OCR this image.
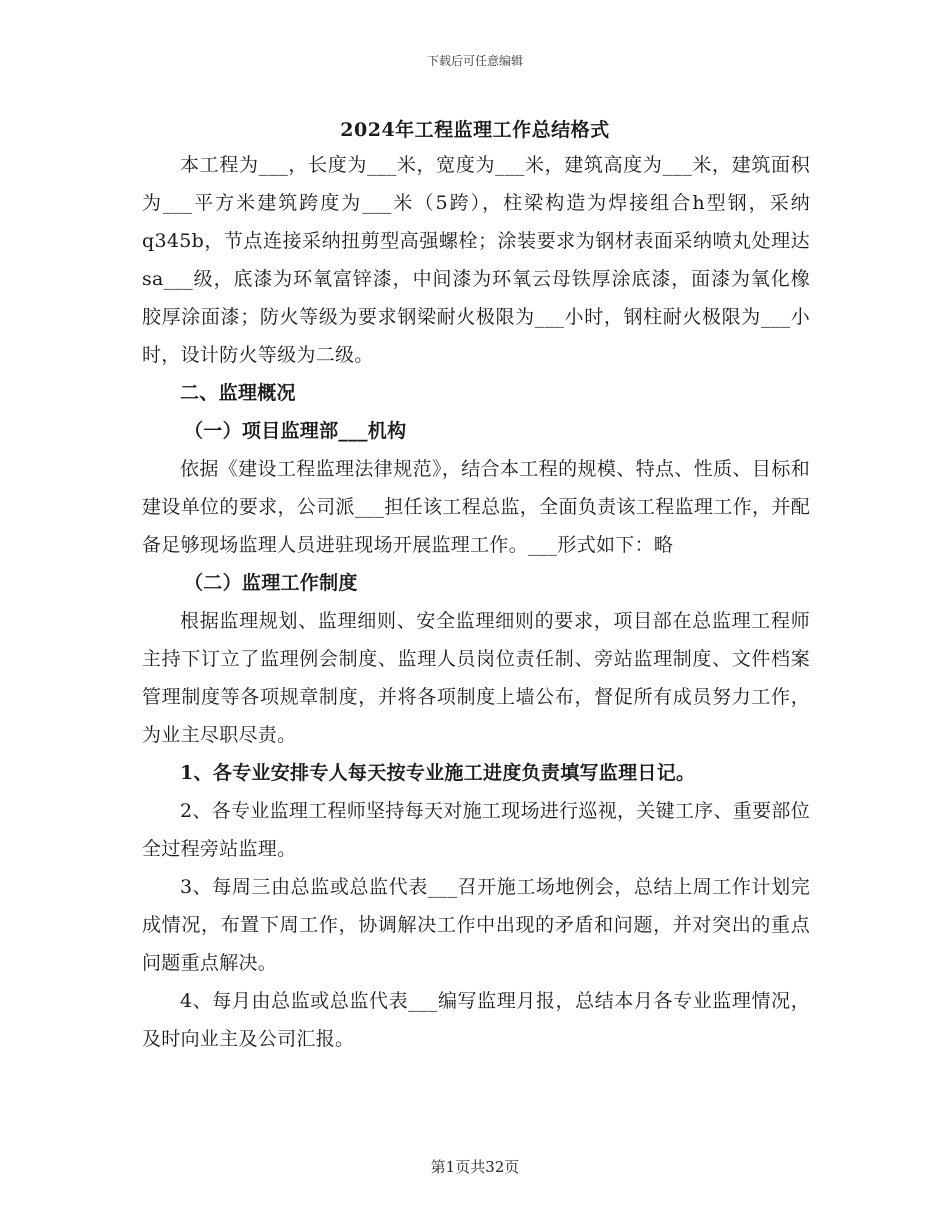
下载后可任意编辑
2024年工程监理工作总结格式

本工程为___，长度为___米，宽度为___米，建筑高度为___米，建筑面积为___平方米建筑跨度为___米（5跨），柱梁构造为焊接组合h型钢，采纳q345b，节点连接采纳扭剪型高强螺栓；涂装要求为钢材表面采纳喷丸处理达sa___级，底漆为环氧富锌漆，中间漆为环氧云母铁厚涂底漆，面漆为氧化橡胶厚涂面漆；防火等级为要求钢梁耐火极限为___小时，钢柱耐火极限为___小时，设计防火等级为二级。

二、监理概况

（一）项目监理部___机构

依据《建设工程监理法律规范》，结合本工程的规模、特点、性质、目标和建设单位的要求，公司派___担任该工程总监，全面负责该工程监理工作，并配备足够现场监理人员进驻现场开展监理工作。___形式如下：略

（二）监理工作制度

根据监理规划、监理细则、安全监理细则的要求，项目部在总监理工程师主持下订立了监理例会制度、监理人员岗位责任制、旁站监理制度、文件档案管理制度等各项规章制度，并将各项制度上墙公布，督促所有成员努力工作，为业主尽职尽责。

1、各专业安排专人每天按专业施工进度负责填写监理日记。

2、各专业监理工程师坚持每天对施工现场进行巡视，关键工序、重要部位全过程旁站监理。

3、每周三由总监或总监代表___召开施工场地例会，总结上周工作计划完成情况，布置下周工作，协调解决工作中出现的矛盾和问题，并对突出的重点问题重点解决。

4、每月由总监或总监代表___编写监理月报，总结本月各专业监理情况，及时向业主及公司汇报。

第1页共32页
